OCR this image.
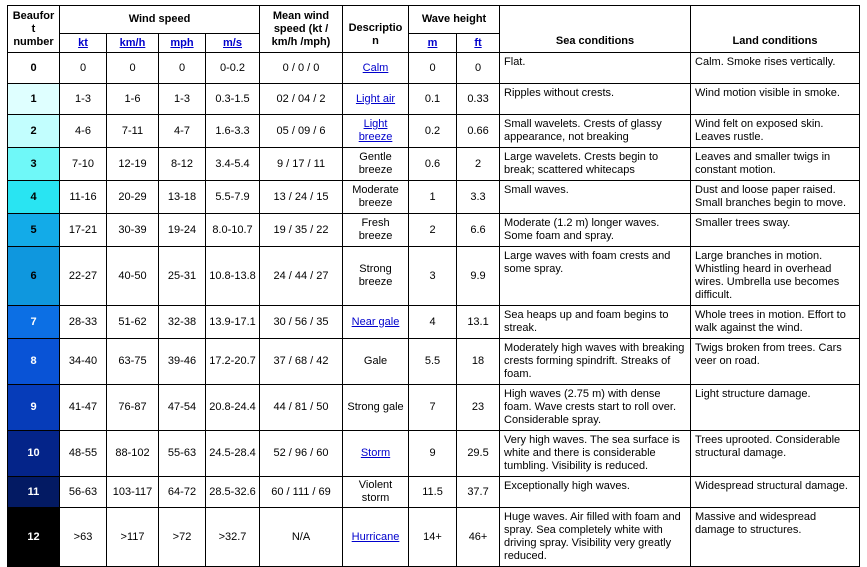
Beaufort number	Wind speed				Mean wind speed (kt / km/h /mph)	Description	Wave height		Sea conditions	Land conditions
	kt	km/h	mph	m/s			m	ft		
0	0	0	0	0-0.2	0 / 0 / 0	Calm	0	0	Flat.	Calm. Smoke rises vertically.
1	1-3	1-6	1-3	0.3-1.5	02 / 04 / 2	Light air	0.1	0.33	Ripples without crests.	Wind motion visible in smoke.
2	4-6	7-11	4-7	1.6-3.3	05 / 09 / 6	Light breeze	0.2	0.66	Small wavelets. Crests of glassy appearance, not breaking	Wind felt on exposed skin. Leaves rustle.
3	7-10	12-19	8-12	3.4-5.4	9 / 17 / 11	Gentle breeze	0.6	2	Large wavelets. Crests begin to break; scattered whitecaps	Leaves and smaller twigs in constant motion.
4	11-16	20-29	13-18	5.5-7.9	13 / 24 / 15	Moderate breeze	1	3.3	Small waves.	Dust and loose paper raised. Small branches begin to move.
5	17-21	30-39	19-24	8.0-10.7	19 / 35 / 22	Fresh breeze	2	6.6	Moderate (1.2 m) longer waves. Some foam and spray.	Smaller trees sway.
6	22-27	40-50	25-31	10.8-13.8	24 / 44 / 27	Strong breeze	3	9.9	Large waves with foam crests and some spray.	Large branches in motion. Whistling heard in overhead wires. Umbrella use becomes difficult.
7	28-33	51-62	32-38	13.9-17.1	30 / 56 / 35	Near gale	4	13.1	Sea heaps up and foam begins to streak.	Whole trees in motion. Effort to walk against the wind.
8	34-40	63-75	39-46	17.2-20.7	37 / 68 / 42	Gale	5.5	18	Moderately high waves with breaking crests forming spindrift. Streaks of foam.	Twigs broken from trees. Cars veer on road.
9	41-47	76-87	47-54	20.8-24.4	44 / 81 / 50	Strong gale	7	23	High waves (2.75 m) with dense foam. Wave crests start to roll over. Considerable spray.	Light structure damage.
10	48-55	88-102	55-63	24.5-28.4	52 / 96 / 60	Storm	9	29.5	Very high waves. The sea surface is white and there is considerable tumbling. Visibility is reduced.	Trees uprooted. Considerable structural damage.
11	56-63	103-117	64-72	28.5-32.6	60 / 111 / 69	Violent storm	11.5	37.7	Exceptionally high waves.	Widespread structural damage.
12	>63	>117	>72	>32.7	N/A	Hurricane	14+	46+	Huge waves. Air filled with foam and spray. Sea completely white with driving spray. Visibility very greatly reduced.	Massive and widespread damage to structures.
